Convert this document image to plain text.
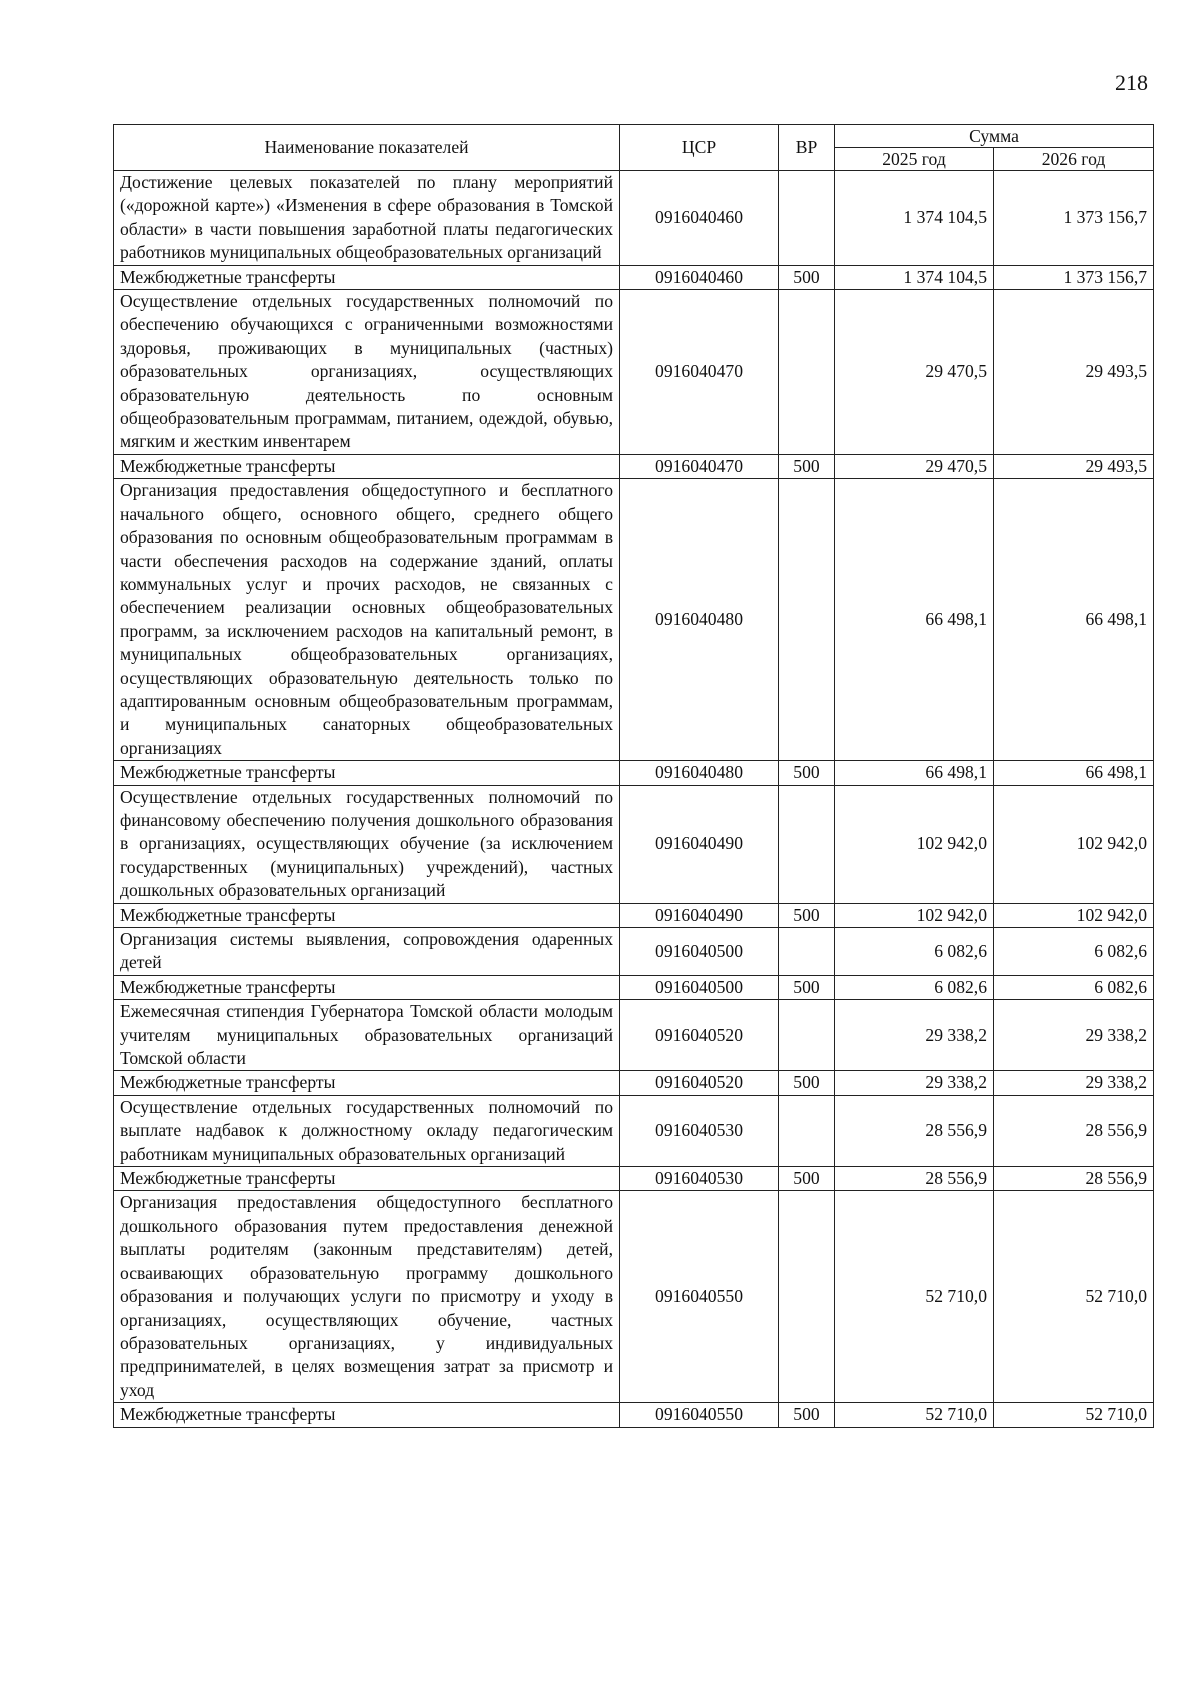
218
Наименование показателей	ЦСР	ВР	Сумма	
			2025 год	2026 год
Достижение целевых показателей по плану мероприятий («дорожной карте») «Изменения в сфере образования в Томской области» в части повышения заработной платы педагогических работников муниципальных общеобразовательных организаций	0916040460		1 374 104,5	1 373 156,7
Межбюджетные трансферты	0916040460	500	1 374 104,5	1 373 156,7
Осуществление отдельных государственных полномочий по обеспечению обучающихся с ограниченными возможностями здоровья, проживающих в муниципальных (частных) образовательных организациях, осуществляющих образовательную деятельность по основным общеобразовательным программам, питанием, одеждой, обувью, мягким и жестким инвентарем	0916040470		29 470,5	29 493,5
Межбюджетные трансферты	0916040470	500	29 470,5	29 493,5
Организация предоставления общедоступного и бесплатного начального общего, основного общего, среднего общего образования по основным общеобразовательным программам в части обеспечения расходов на содержание зданий, оплаты коммунальных услуг и прочих расходов, не связанных с обеспечением реализации основных общеобразовательных программ, за исключением расходов на капитальный ремонт, в муниципальных общеобразовательных организациях, осуществляющих образовательную деятельность только по адаптированным основным общеобразовательным программам, и муниципальных санаторных общеобразовательных организациях	0916040480		66 498,1	66 498,1
Межбюджетные трансферты	0916040480	500	66 498,1	66 498,1
Осуществление отдельных государственных полномочий по финансовому обеспечению получения дошкольного образования в организациях, осуществляющих обучение (за исключением государственных (муниципальных) учреждений), частных дошкольных образовательных организаций	0916040490		102 942,0	102 942,0
Межбюджетные трансферты	0916040490	500	102 942,0	102 942,0
Организация системы выявления, сопровождения одаренных детей	0916040500		6 082,6	6 082,6
Межбюджетные трансферты	0916040500	500	6 082,6	6 082,6
Ежемесячная стипендия Губернатора Томской области молодым учителям муниципальных образовательных организаций Томской области	0916040520		29 338,2	29 338,2
Межбюджетные трансферты	0916040520	500	29 338,2	29 338,2
Осуществление отдельных государственных полномочий по выплате надбавок к должностному окладу педагогическим работникам муниципальных образовательных организаций	0916040530		28 556,9	28 556,9
Межбюджетные трансферты	0916040530	500	28 556,9	28 556,9
Организация предоставления общедоступного бесплатного дошкольного образования путем предоставления денежной выплаты родителям (законным представителям) детей, осваивающих образовательную программу дошкольного образования и получающих услуги по присмотру и уходу в организациях, осуществляющих обучение, частных образовательных организациях, у индивидуальных предпринимателей, в целях возмещения затрат за присмотр и уход	0916040550		52 710,0	52 710,0
Межбюджетные трансферты	0916040550	500	52 710,0	52 710,0
